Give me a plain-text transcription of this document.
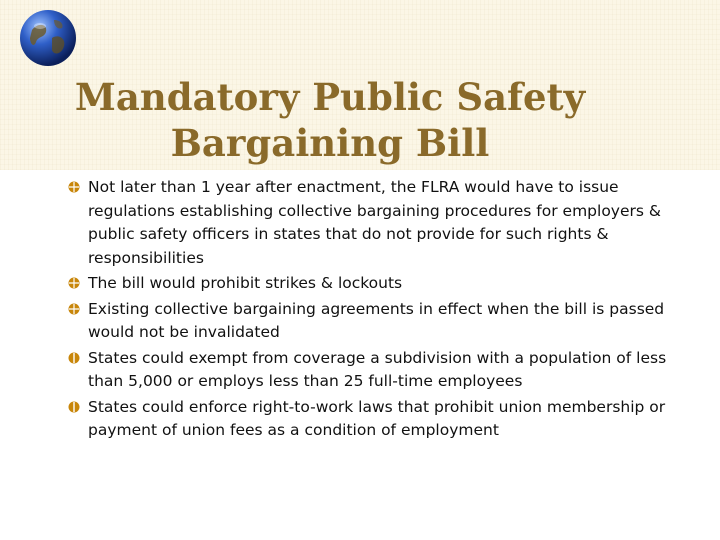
Mandatory Public Safety
Bargaining Bill
Not later than 1 year after enactment, the FLRA would have to issue regulations establishing collective bargaining procedures for employers & public safety officers in states that do not provide for such rights & responsibilities
The bill would prohibit strikes & lockouts
Existing collective bargaining agreements in effect when the bill is passed would not be invalidated
States could exempt from coverage a subdivision with a population of less than 5,000 or employs less than 25 full-time employees
States could enforce right-to-work laws that prohibit union membership or payment of union fees as a condition of employment
